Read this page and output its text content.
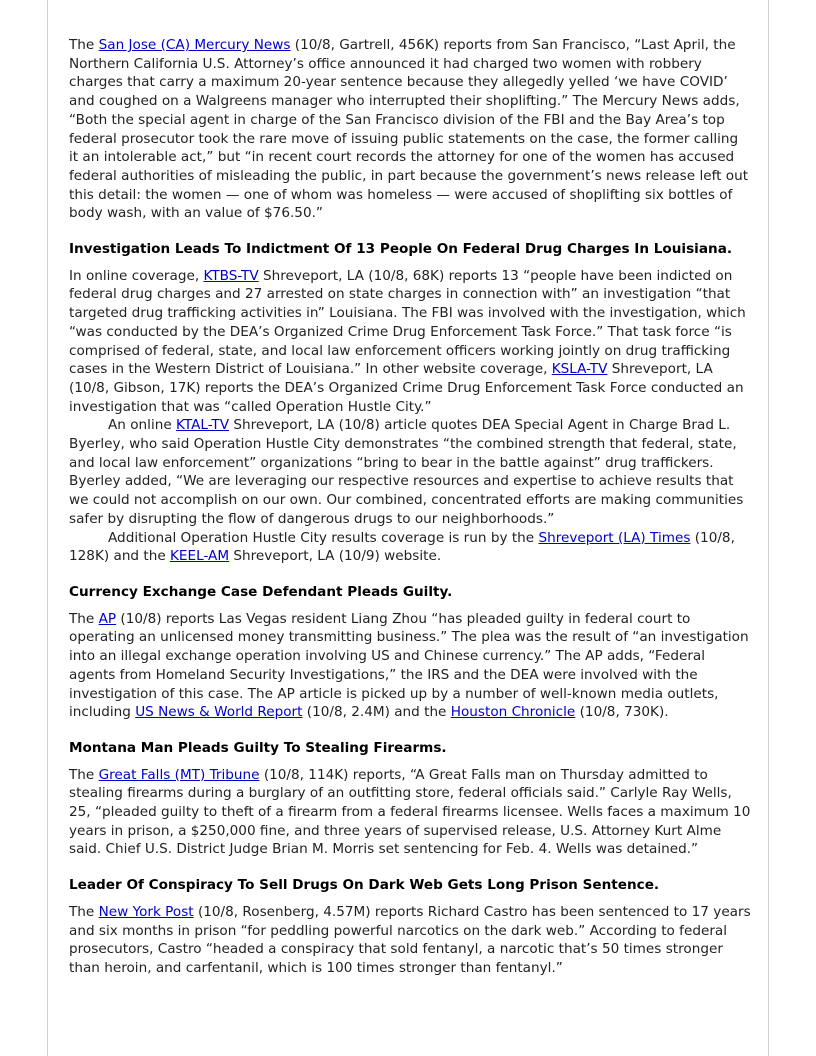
The San Jose (CA) Mercury News (10/8, Gartrell, 456K) reports from San Francisco, “Last April, the Northern California U.S. Attorney’s office announced it had charged two women with robbery charges that carry a maximum 20-year sentence because they allegedly yelled ‘we have COVID’ and coughed on a Walgreens manager who interrupted their shoplifting.” The Mercury News adds, “Both the special agent in charge of the San Francisco division of the FBI and the Bay Area’s top federal prosecutor took the rare move of issuing public statements on the case, the former calling it an intolerable act,” but “in recent court records the attorney for one of the women has accused federal authorities of misleading the public, in part because the government’s news release left out this detail: the women — one of whom was homeless — were accused of shoplifting six bottles of body wash, with an value of $76.50.”

Investigation Leads To Indictment Of 13 People On Federal Drug Charges In Louisiana.

In online coverage, KTBS-TV Shreveport, LA (10/8, 68K) reports 13 “people have been indicted on federal drug charges and 27 arrested on state charges in connection with” an investigation “that targeted drug trafficking activities in” Louisiana. The FBI was involved with the investigation, which “was conducted by the DEA’s Organized Crime Drug Enforcement Task Force.” That task force “is comprised of federal, state, and local law enforcement officers working jointly on drug trafficking cases in the Western District of Louisiana.” In other website coverage, KSLA-TV Shreveport, LA (10/8, Gibson, 17K) reports the DEA’s Organized Crime Drug Enforcement Task Force conducted an investigation that was “called Operation Hustle City.”

An online KTAL-TV Shreveport, LA (10/8) article quotes DEA Special Agent in Charge Brad L. Byerley, who said Operation Hustle City demonstrates “the combined strength that federal, state, and local law enforcement” organizations “bring to bear in the battle against” drug traffickers. Byerley added, “We are leveraging our respective resources and expertise to achieve results that we could not accomplish on our own. Our combined, concentrated efforts are making communities safer by disrupting the flow of dangerous drugs to our neighborhoods.”

Additional Operation Hustle City results coverage is run by the Shreveport (LA) Times (10/8, 128K) and the KEEL-AM Shreveport, LA (10/9) website.

Currency Exchange Case Defendant Pleads Guilty.

The AP (10/8) reports Las Vegas resident Liang Zhou “has pleaded guilty in federal court to operating an unlicensed money transmitting business.” The plea was the result of “an investigation into an illegal exchange operation involving US and Chinese currency.” The AP adds, “Federal agents from Homeland Security Investigations,” the IRS and the DEA were involved with the investigation of this case. The AP article is picked up by a number of well-known media outlets, including US News & World Report (10/8, 2.4M) and the Houston Chronicle (10/8, 730K).

Montana Man Pleads Guilty To Stealing Firearms.

The Great Falls (MT) Tribune (10/8, 114K) reports, “A Great Falls man on Thursday admitted to stealing firearms during a burglary of an outfitting store, federal officials said.” Carlyle Ray Wells, 25, “pleaded guilty to theft of a firearm from a federal firearms licensee. Wells faces a maximum 10 years in prison, a $250,000 fine, and three years of supervised release, U.S. Attorney Kurt Alme said. Chief U.S. District Judge Brian M. Morris set sentencing for Feb. 4. Wells was detained.”

Leader Of Conspiracy To Sell Drugs On Dark Web Gets Long Prison Sentence.

The New York Post (10/8, Rosenberg, 4.57M) reports Richard Castro has been sentenced to 17 years and six months in prison “for peddling powerful narcotics on the dark web.” According to federal prosecutors, Castro “headed a conspiracy that sold fentanyl, a narcotic that’s 50 times stronger than heroin, and carfentanil, which is 100 times stronger than fentanyl.”
